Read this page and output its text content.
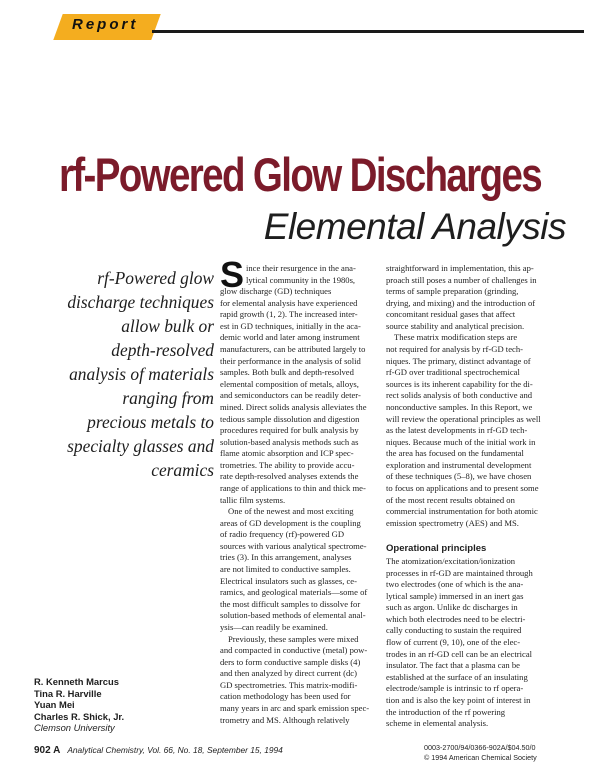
Report
rf-Powered Glow Discharges
Elemental Analysis
rf-Powered glow
discharge techniques
allow bulk or
depth-resolved
analysis of materials
ranging from
precious metals to
specialty glasses and
ceramics
R. Kenneth Marcus
Tina R. Harville
Yuan Mei
Charles R. Shick, Jr.
Clemson University
S ince their resurgence in the ana-
lytical community in the 1980s,
glow discharge (GD) techniques
for elemental analysis have experienced
rapid growth (1, 2). The increased inter-
est in GD techniques, initially in the aca-
demic world and later among instrument
manufacturers, can be attributed largely to
their performance in the analysis of solid
samples. Both bulk and depth-resolved
elemental composition of metals, alloys,
and semiconductors can be readily deter-
mined. Direct solids analysis alleviates the
tedious sample dissolution and digestion
procedures required for bulk analysis by
solution-based analysis methods such as
flame atomic absorption and ICP spec-
trometries. The ability to provide accu-
rate depth-resolved analyses extends the
range of applications to thin and thick me-
tallic film systems.
One of the newest and most exciting
areas of GD development is the coupling
of radio frequency (rf)-powered GD
sources with various analytical spectrome-
tries (3). In this arrangement, analyses
are not limited to conductive samples.
Electrical insulators such as glasses, ce-
ramics, and geological materials—some of
the most difficult samples to dissolve for
solution-based methods of elemental anal-
ysis—can readily be examined.
Previously, these samples were mixed
and compacted in conductive (metal) pow-
ders to form conductive sample disks (4)
and then analyzed by direct current (dc)
GD spectrometries. This matrix-modifi-
cation methodology has been used for
many years in arc and spark emission spec-
trometry and MS. Although relatively
straightforward in implementation, this ap-
proach still poses a number of challenges in
terms of sample preparation (grinding,
drying, and mixing) and the introduction of
concomitant residual gases that affect
source stability and analytical precision.
These matrix modification steps are
not required for analysis by rf-GD tech-
niques. The primary, distinct advantage of
rf-GD over traditional spectrochemical
sources is its inherent capability for the di-
rect solids analysis of both conductive and
nonconductive samples. In this Report, we
will review the operational principles as well
as the latest developments in rf-GD tech-
niques. Because much of the initial work in
the area has focused on the fundamental
exploration and instrumental development
of these techniques (5–8), we have chosen
to focus on applications and to present some
of the most recent results obtained on
commercial instrumentation for both atomic
emission spectrometry (AES) and MS.
Operational principles
The atomization/excitation/ionization
processes in rf-GD are maintained through
two electrodes (one of which is the ana-
lytical sample) immersed in an inert gas
such as argon. Unlike dc discharges in
which both electrodes need to be electri-
cally conducting to sustain the required
flow of current (9, 10), one of the elec-
trodes in an rf-GD cell can be an electrical
insulator. The fact that a plasma can be
established at the surface of an insulating
electrode/sample is intrinsic to rf opera-
tion and is also the key point of interest in
the introduction of the rf powering
scheme in elemental analysis.
902 A Analytical Chemistry, Vol. 66, No. 18, September 15, 1994	0003-2700/94/0366-902A/$04.50/0
© 1994 American Chemical Society
